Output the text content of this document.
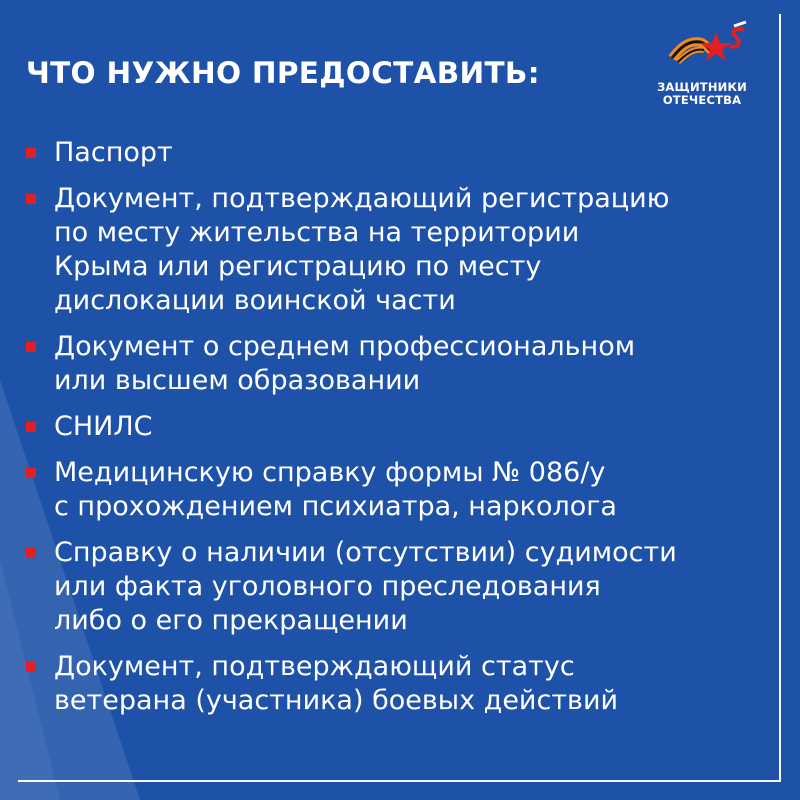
ЧТО НУЖНО ПРЕДОСТАВИТЬ:	ЗАЩИТНИКИ
ОТЕЧЕСТВА
Паспорт
Документ, подтверждающий регистрацию
по месту жительства на территории
Крыма или регистрацию по месту
дислокации воинской части
Документ о среднем профессиональном
или высшем образовании
СНИЛС
Медицинскую справку формы № 086/у
с прохождением психиатра, нарколога
Справку о наличии (отсутствии) судимости
или факта уголовного преследования
либо о его прекращении
Документ, подтверждающий статус
ветерана (участника) боевых действий
